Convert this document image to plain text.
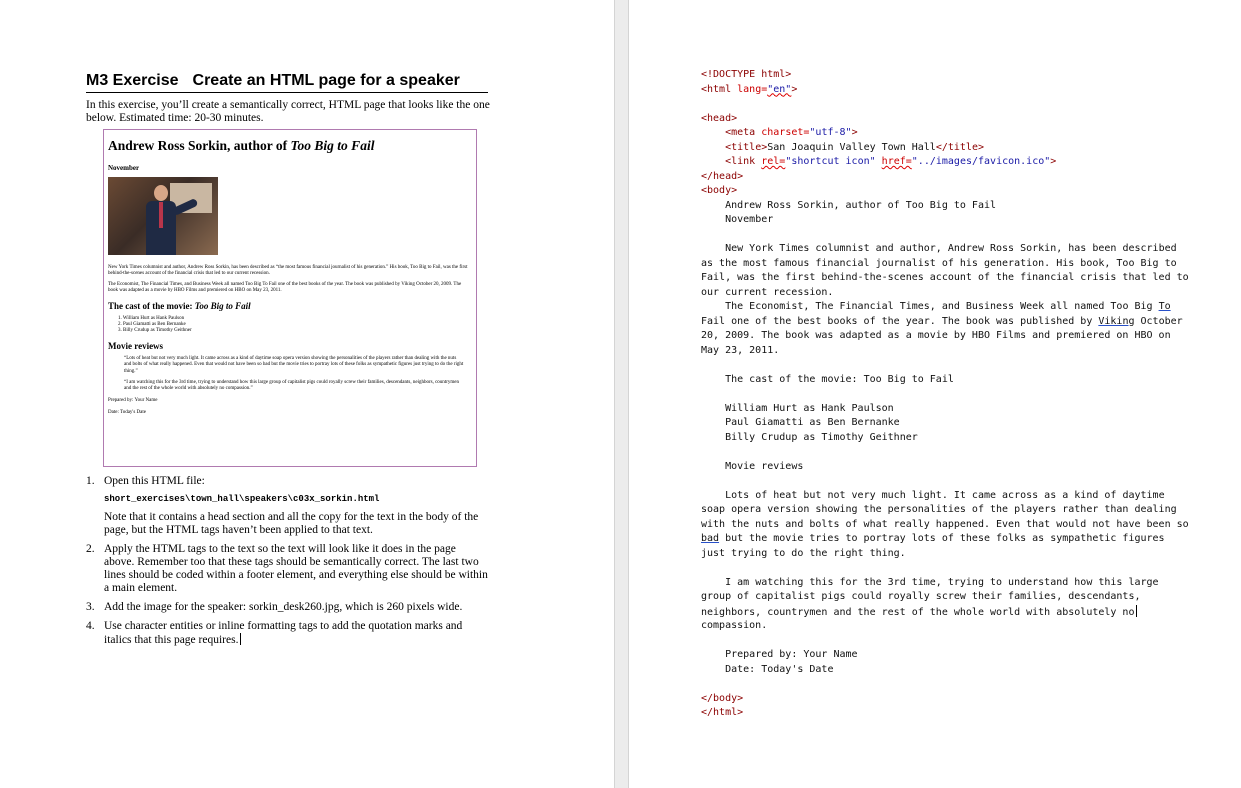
M3 Exercise Create an HTML page for a speaker
In this exercise, you’ll create a semantically correct, HTML page that looks like the one below. Estimated time: 20-30 minutes.
Andrew Ross Sorkin, author of Too Big to Fail
November

New York Times columnist and author, Andrew Ross Sorkin, has been described as “the most famous financial journalist of his generation.” His book, Too Big to Fail, was the first behind-the-scenes account of the financial crisis that led to our current recession.

The Economist, The Financial Times, and Business Week all named Too Big To Fail one of the best books of the year. The book was published by Viking October 20, 2009. The book was adapted as a movie by HBO Films and premiered on HBO on May 23, 2011.

The cast of the movie: Too Big to Fail
1. William Hurt as Hank Paulson
2. Paul Giamatti as Ben Bernanke
3. Billy Crudup as Timothy Geithner
Movie reviews

“Lots of heat but not very much light. It came across as a kind of daytime soap opera version showing the personalities of the players rather than dealing with the nuts and bolts of what really happened. Even that would not have been so bad but the movie tries to portray lots of these folks as sympathetic figures just trying to do the right thing.”

“I am watching this for the 3rd time, trying to understand how this large group of capitalist pigs could royally screw their families, descendants, neighbors, countrymen and the rest of the whole world with absolutely no compassion.”

Prepared by: Your Name
Date: Today's Date
1. Open this HTML file:

short_exercises\town_hall\speakers\c03x_sorkin.html

Note that it contains a head section and all the copy for the text in the body of the page, but the HTML tags haven’t been applied to that text.

2. Apply the HTML tags to the text so the text will look like it does in the page above. Remember too that these tags should be semantically correct. The last two lines should be coded within a footer element, and everything else should be within a main element.

3. Add the image for the speaker: sorkin_desk260.jpg, which is 260 pixels wide.

4. Use character entities or inline formatting tags to add the quotation marks and italics that this page requires.

<!DOCTYPE html>
<html lang="en">
<head>
<meta charset="utf-8">
<title>San Joaquin Valley Town Hall</title>
<link rel="shortcut icon" href="../images/favicon.ico">
</head>
<body>
Andrew Ross Sorkin, author of Too Big to Fail
November
New York Times columnist and author, Andrew Ross Sorkin, has been described
as the most famous financial journalist of his generation. His book, Too Big to
Fail, was the first behind-the-scenes account of the financial crisis that led to
our current recession.
The Economist, The Financial Times, and Business Week all named Too Big To
Fail one of the best books of the year. The book was published by Viking October
20, 2009. The book was adapted as a movie by HBO Films and premiered on HBO on
May 23, 2011.
The cast of the movie: Too Big to Fail
William Hurt as Hank Paulson
Paul Giamatti as Ben Bernanke
Billy Crudup as Timothy Geithner
Movie reviews
Lots of heat but not very much light. It came across as a kind of daytime
soap opera version showing the personalities of the players rather than dealing
with the nuts and bolts of what really happened. Even that would not have been so
bad but the movie tries to portray lots of these folks as sympathetic figures
just trying to do the right thing.
I am watching this for the 3rd time, trying to understand how this large
group of capitalist pigs could royally screw their families, descendants,
neighbors, countrymen and the rest of the whole world with absolutely no
compassion.
Prepared by: Your Name
Date: Today's Date
</body>
</html>
